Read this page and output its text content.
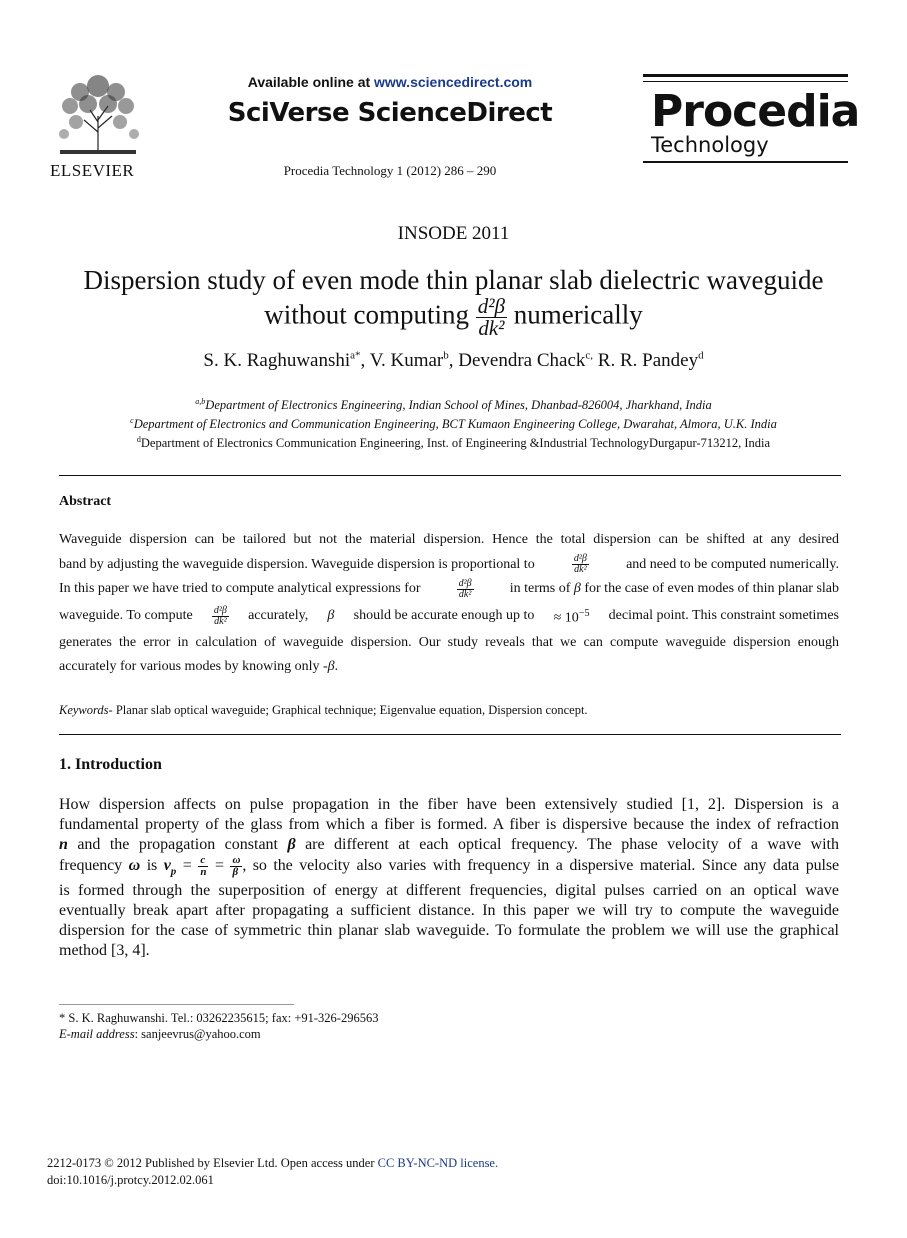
ELSEVIER
Available online at www.sciencedirect.com
SciVerse ScienceDirect
Procedia Technology 1 (2012) 286 – 290
Procedia
Technology
INSODE 2011
Dispersion study of even mode thin planar slab dielectric waveguide
without computing $\frac{\text{d²β}}{\text{dk²}}$ numerically
S. K. Raghuwanshi$^{a*}$, V. Kumar$^b$, Devendra Chack$^{c,}$ R. R. Pandey$^d$
$^{a,b}$Department of Electronics Engineering, Indian School of Mines, Dhanbad-826004, Jharkhand, India
$^c$Department of Electronics and Communication Engineering, BCT Kumaon Engineering College, Dwarahat, Almora, U.K. India
$^d$Department of Electronics Communication Engineering, Inst. of Engineering &Industrial TechnologyDurgapur-713212, India
Abstract
Waveguide dispersion can be tailored but not the material dispersion. Hence the total dispersion can be shifted at any desired
band by adjusting the waveguide dispersion. Waveguide dispersion is proportional to	$\frac{\text{d²β}}{\text{dk²}}$	and need to be computed numerically.
In this paper we have tried to compute analytical expressions for	$\frac{\text{d²β}}{\text{dk²}}$	in terms of β for the case of even modes of thin planar slab
waveguide. To compute $\frac{\text{d²β}}{\text{dk²}}$ accurately, β should be accurate enough up to ≈ $10^{-5}$ decimal point. This constraint sometimes
generates the error in calculation of waveguide dispersion. Our study reveals that we can compute waveguide dispersion enough
accurately for various modes by knowing only -β.
Keywords- Planar slab optical waveguide; Graphical technique; Eigenvalue equation, Dispersion concept.
1. Introduction
How dispersion affects on pulse propagation in the fiber have been extensively studied [1, 2]. Dispersion is a
fundamental property of the glass from which a fiber is formed. A fiber is dispersive because the index of refraction
n and the propagation constant β are different at each optical frequency. The phase velocity of a wave with
frequency ω is $v_p = \frac{c}{n} = \frac{\omega}{\beta}$ , so the velocity also varies with frequency in a dispersive material. Since any data pulse
is formed through the superposition of energy at different frequencies, digital pulses carried on an optical wave
eventually break apart after propagating a sufficient distance. In this paper we will try to compute the waveguide
dispersion for the case of symmetric thin planar slab waveguide. To formulate the problem we will use the graphical
method [3, 4].
* S. K. Raghuwanshi. Tel.: 03262235615; fax: +91-326-296563
E-mail address: sanjeevrus@yahoo.com
2212-0173 © 2012 Published by Elsevier Ltd. Open access under CC BY-NC-ND license.
doi:10.1016/j.protcy.2012.02.061
